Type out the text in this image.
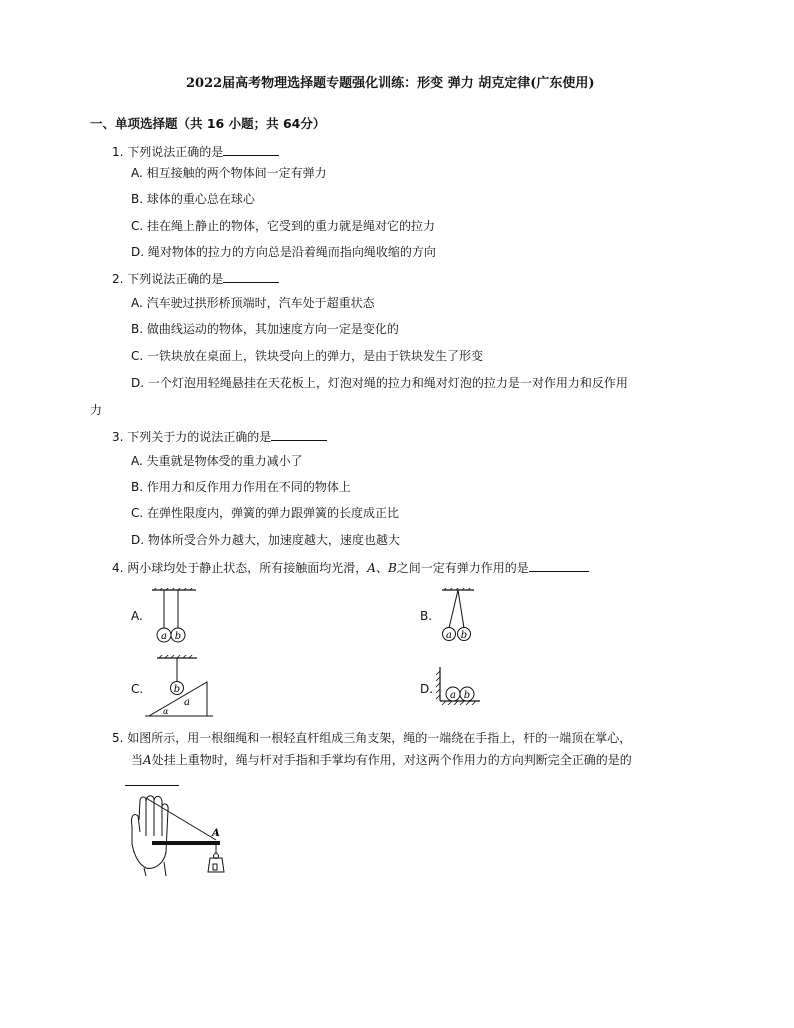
2022届高考物理选择题专题强化训练：形变 弹力 胡克定律(广东使用)
一、单项选择题（共 16 小题；共 64分）
1. 下列说法正确的是
A. 相互接触的两个物体间一定有弹力
B. 球体的重心总在球心
C. 挂在绳上静止的物体，它受到的重力就是绳对它的拉力
D. 绳对物体的拉力的方向总是沿着绳而指向绳收缩的方向
2. 下列说法正确的是
A. 汽车驶过拱形桥顶端时，汽车处于超重状态
B. 做曲线运动的物体，其加速度方向一定是变化的
C. 一铁块放在桌面上，铁块受向上的弹力，是由于铁块发生了形变
D. 一个灯泡用轻绳悬挂在天花板上，灯泡对绳的拉力和绳对灯泡的拉力是一对作用力和反作用
力
3. 下列关于力的说法正确的是
A. 失重就是物体受的重力减小了
B. 作用力和反作用力作用在不同的物体上
C. 在弹性限度内，弹簧的弹力跟弹簧的长度成正比
D. 物体所受合外力越大，加速度越大，速度也越大
4. 两小球均处于静止状态，所有接触面均光滑，A、B之间一定有弹力作用的是
A.
a b
B.
a b
C.	b
a
α
D. a b
5. 如图所示，用一根细绳和一根轻直杆组成三角支架，绳的一端绕在手指上，杆的一端顶在掌心，
当A处挂上重物时，绳与杆对手指和手掌均有作用，对这两个作用力的方向判断完全正确的是的
A
